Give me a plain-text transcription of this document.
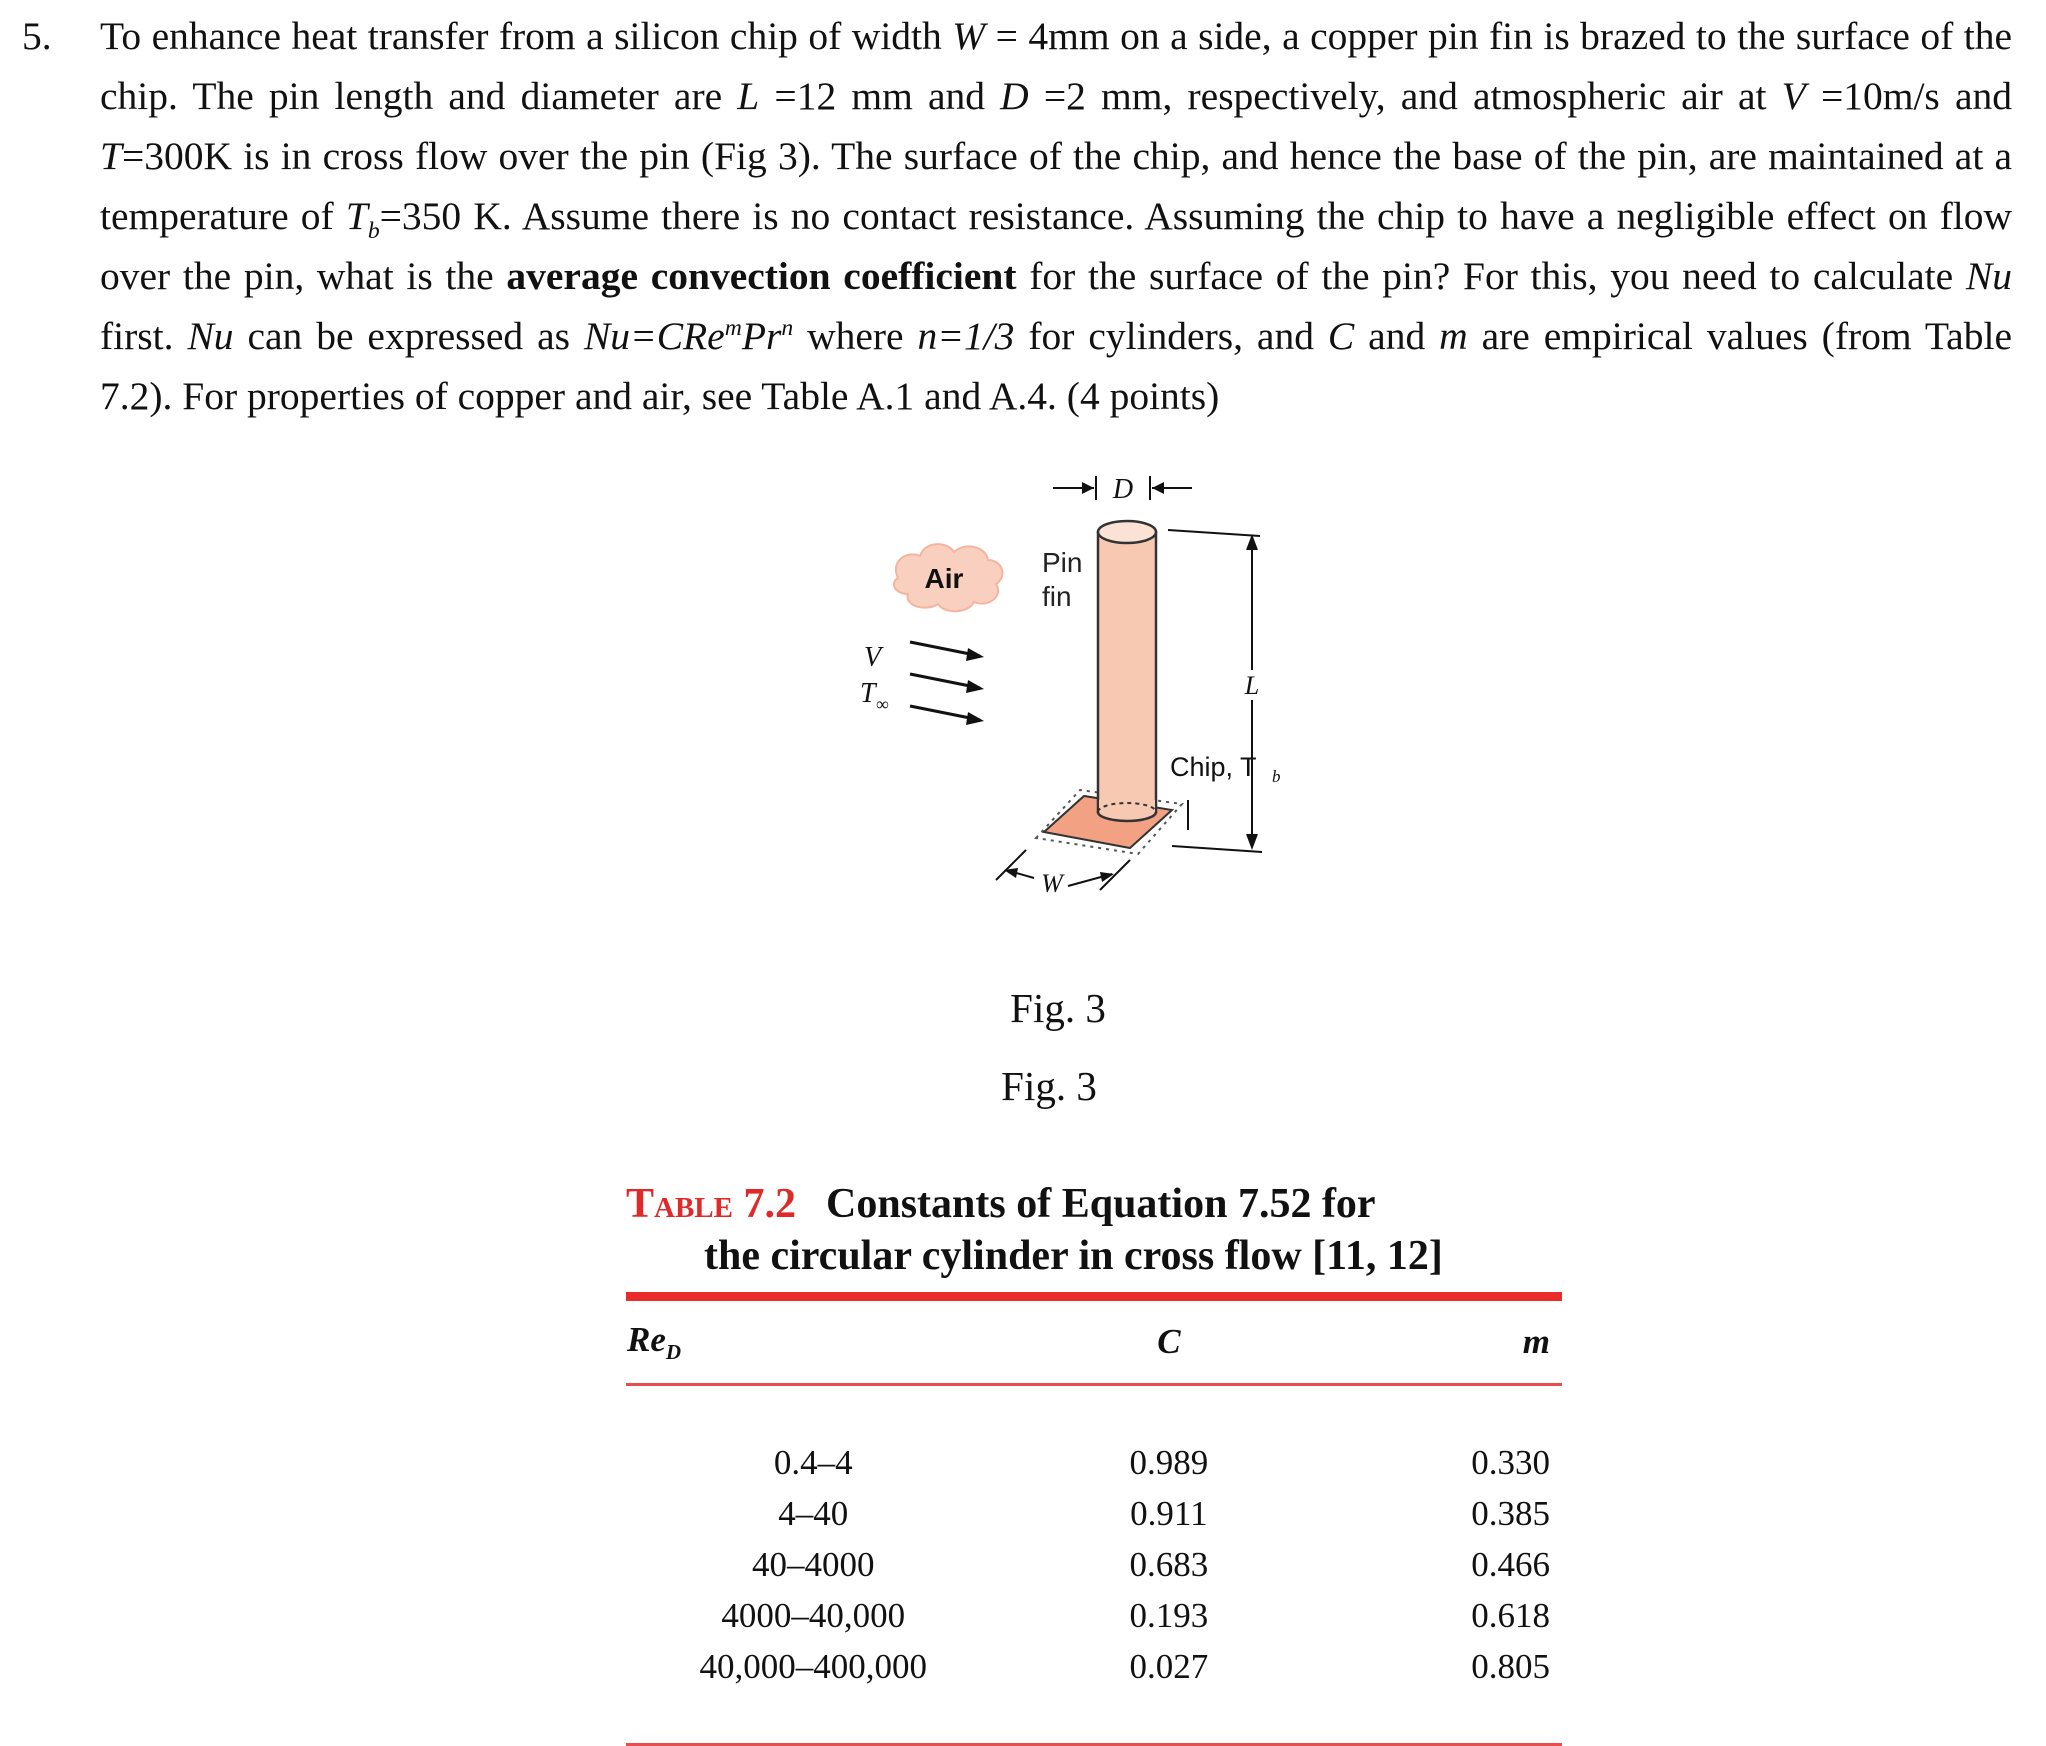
5. To enhance heat transfer from a silicon chip of width W = 4mm on a side, a copper pin fin is brazed to the surface of the chip. The pin length and diameter are L =12 mm and D =2 mm, respectively, and atmospheric air at V =10m/s and T=300K is in cross flow over the pin (Fig 3). The surface of the chip, and hence the base of the pin, are maintained at a temperature of $T_b=350$ K. Assume there is no contact resistance. Assuming the chip to have a negligible effect on flow over the pin, what is the average convection coefficient for the surface of the pin? For this, you need to calculate Nu first. Nu can be expressed as $Nu=CRe^mPr^n$ where n=1/3 for cylinders, and C and m are empirical values (from Table 7.2). For properties of copper and air, see Table A.1 and A.4. (4 points)
Air
Pin
fin
D
V
T ∞
L
Chip, T b
W
Fig. 3
Fig. 3
Table 7.2 Constants of Equation 7.52 for
the circular cylinder in cross flow [11, 12]
$Re_D$	C	m

0.4–4	0.989	0.330
4–40	0.911	0.385
40–4000	0.683	0.466
4000–40,000	0.193	0.618
40,000–400,000	0.027	0.805
